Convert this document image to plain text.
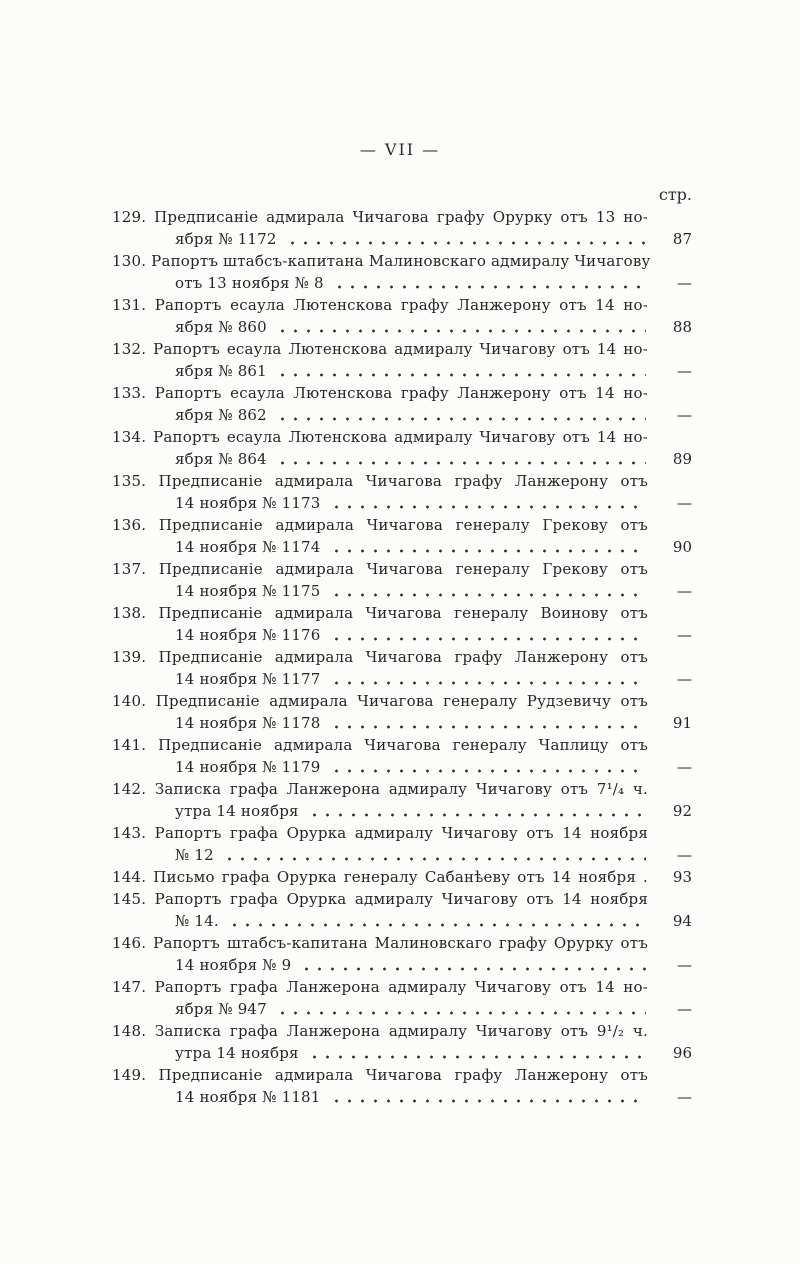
— VII —
стр.
129. Предписаніе адмирала Чичагова графу Орурку отъ 13 но-
ября № 1172	87
130. Рапортъ штабсъ-капитана Малиновскаго адмиралу Чичагову
отъ 13 ноября № 8	—
131. Рапортъ есаула Лютенскова графу Ланжерону отъ 14 но-
ября № 860	88
132. Рапортъ есаула Лютенскова адмиралу Чичагову отъ 14 но-
ября № 861	—
133. Рапортъ есаула Лютенскова графу Ланжерону отъ 14 но-
ября № 862	—
134. Рапортъ есаула Лютенскова адмиралу Чичагову отъ 14 но-
ября № 864	89
135. Предписаніе адмирала Чичагова графу Ланжерону отъ
14 ноября № 1173	—
136. Предписаніе адмирала Чичагова генералу Грекову отъ
14 ноября № 1174	90
137. Предписаніе адмирала Чичагова генералу Грекову отъ
14 ноября № 1175	—
138. Предписаніе адмирала Чичагова генералу Воинову отъ
14 ноября № 1176	—
139. Предписаніе адмирала Чичагова графу Ланжерону отъ
14 ноября № 1177	—
140. Предписаніе адмирала Чичагова генералу Рудзевичу отъ
14 ноября № 1178	91
141. Предписаніе адмирала Чичагова генералу Чаплицу отъ
14 ноября № 1179	—
142. Записка графа Ланжерона адмиралу Чичагову отъ 7¹/₄ ч.
утра 14 ноября	92
143. Рапортъ графа Орурка адмиралу Чичагову отъ 14 ноября
№ 12	—
144. Письмо графа Орурка генералу Сабанѣеву отъ 14 ноября .	93
145. Рапортъ графа Орурка адмиралу Чичагову отъ 14 ноября
№ 14.	94
146. Рапортъ штабсъ-капитана Малиновскаго графу Орурку отъ
14 ноября № 9	—
147. Рапортъ графа Ланжерона адмиралу Чичагову отъ 14 но-
ября № 947	—
148. Записка графа Ланжерона адмиралу Чичагову отъ 9¹/₂ ч.
утра 14 ноября	96
149. Предписаніе адмирала Чичагова графу Ланжерону отъ
14 ноября № 1181	—
